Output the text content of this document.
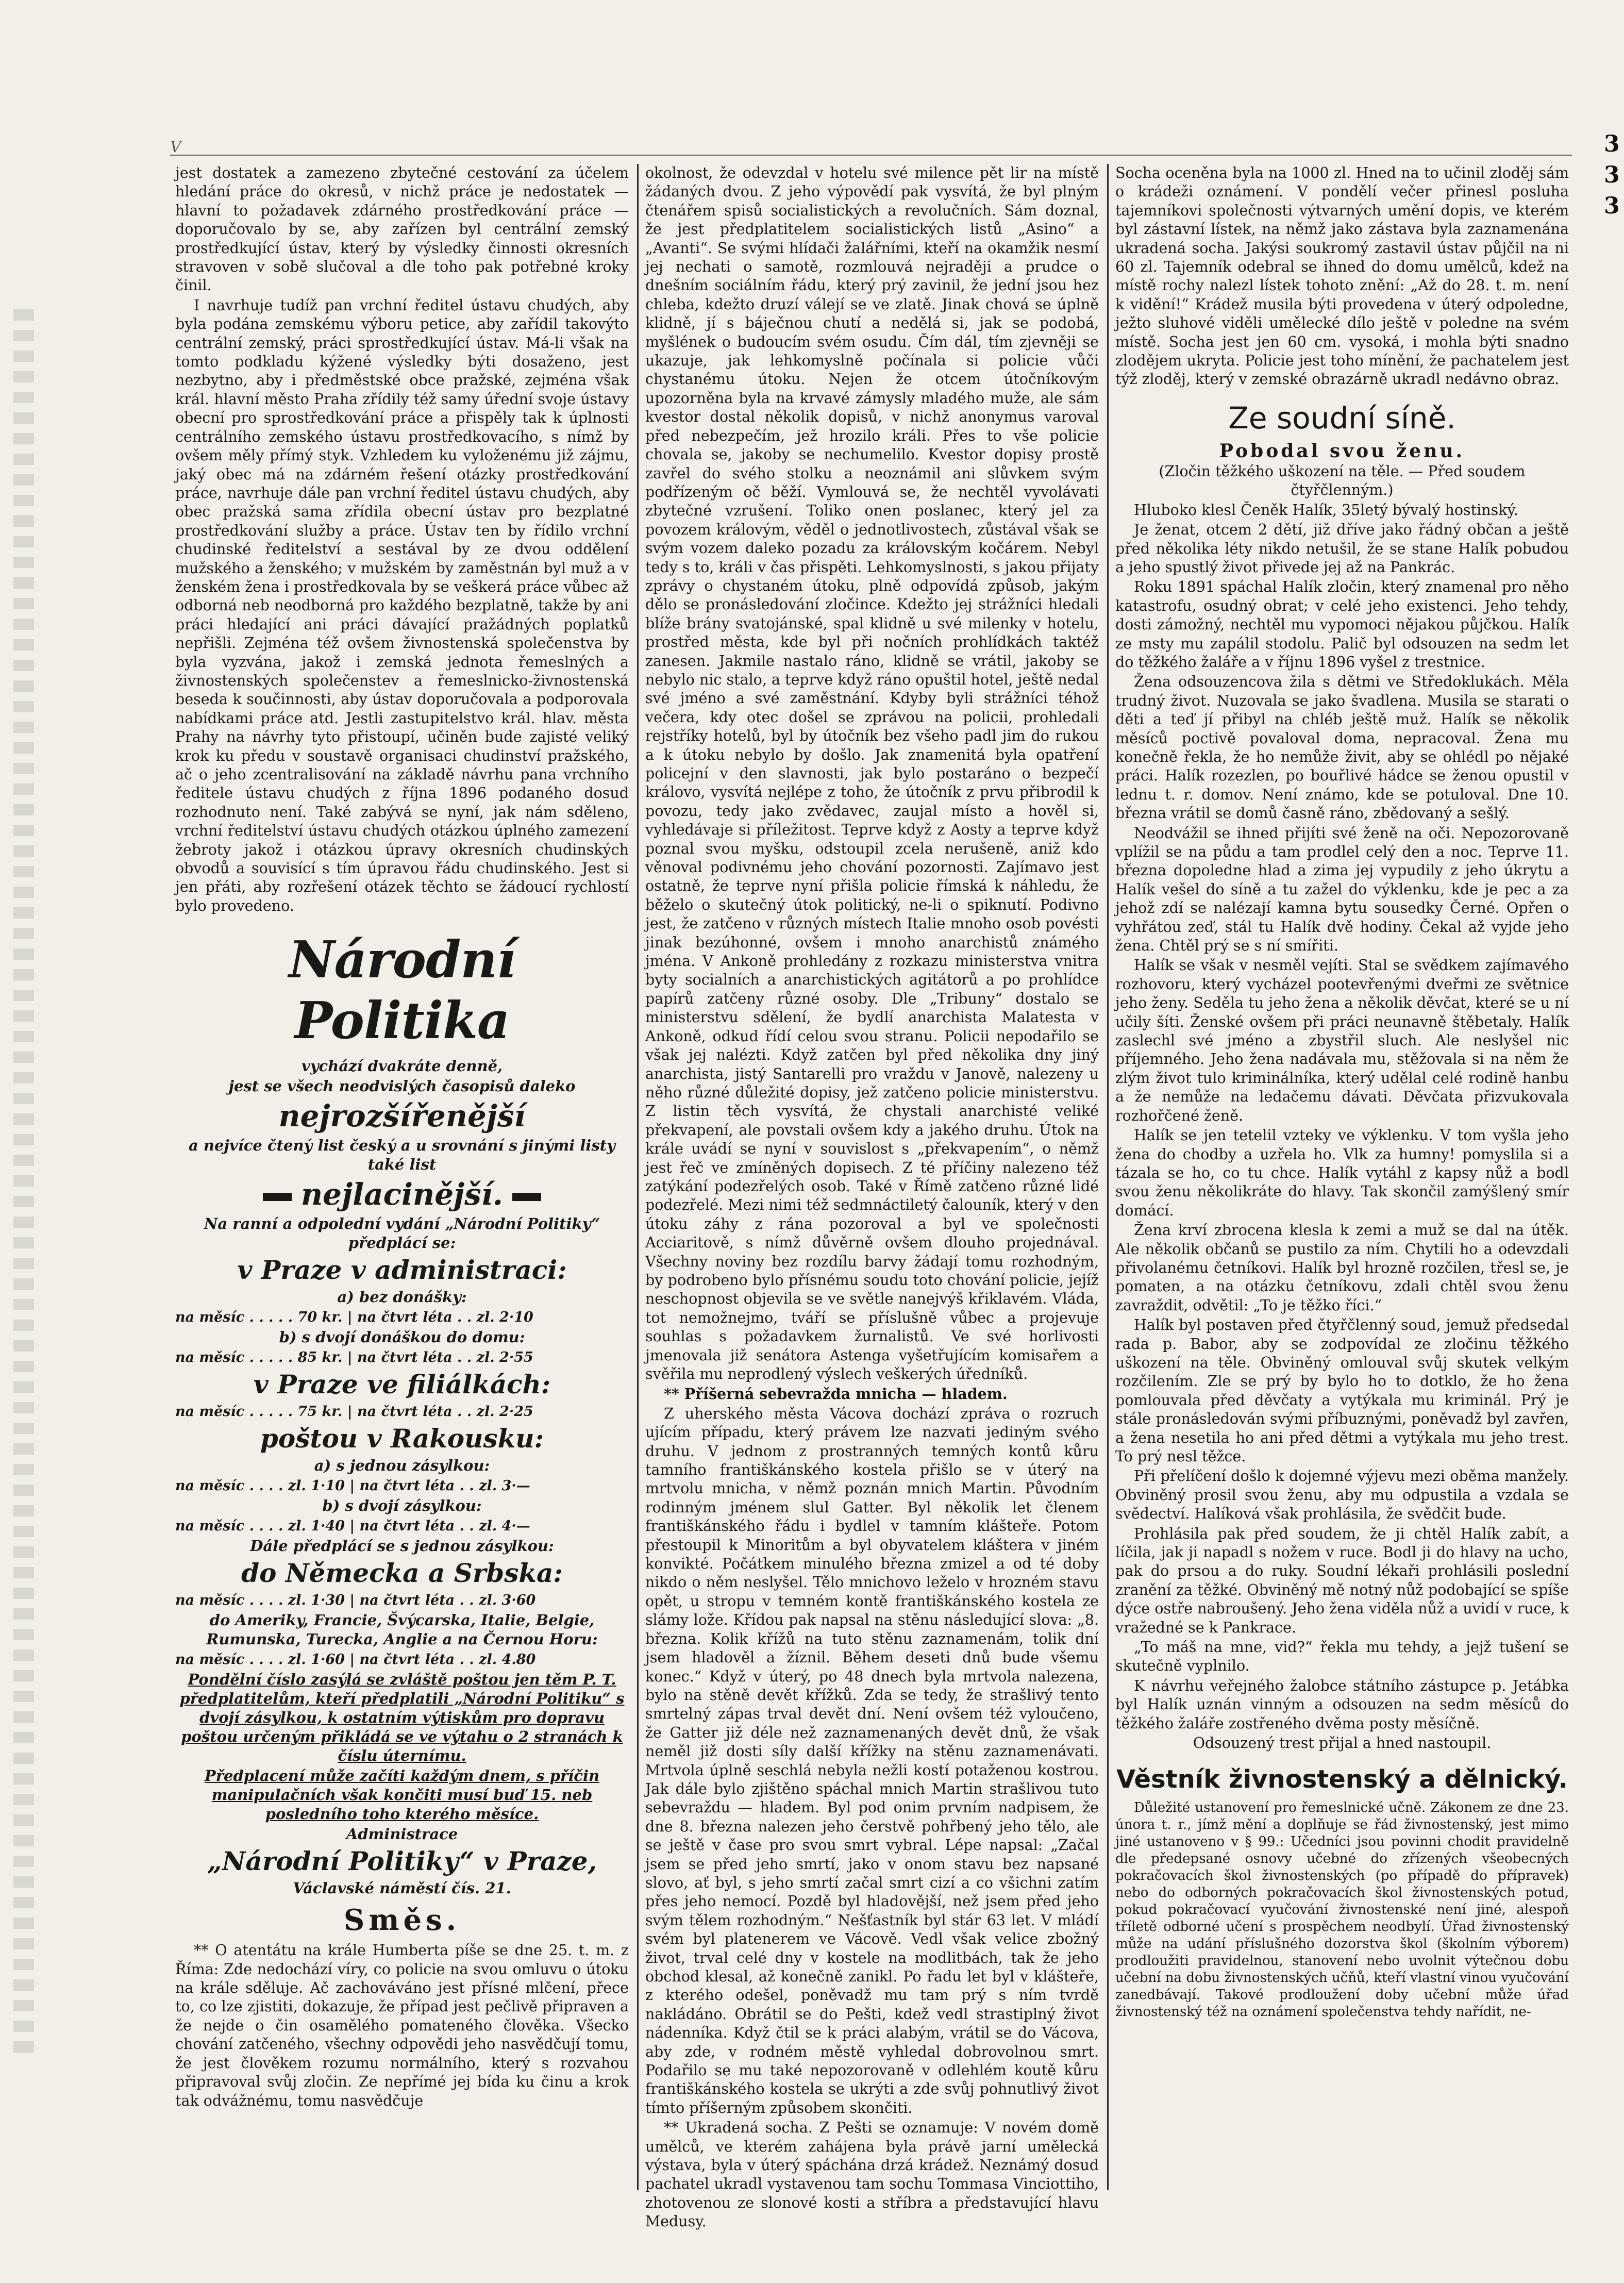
V	3
3
3

jest dostatek a zamezeno zbytečné cestování za účelem hledání práce do okresů, v nichž práce je nedostatek — hlavní to požadavek zdárného prostředkování práce — doporučovalo by se, aby zařízen byl centrální zemský prostředkující ústav, který by výsledky činnosti okresních stravoven v sobě slučoval a dle toho pak potřebné kroky činil.

I navrhuje tudíž pan vrchní ředitel ústavu chudých, aby byla podána zemskému výboru petice, aby zařídil takovýto centrální zemský, práci sprostředkující ústav. Má-li však na tomto podkladu kýžené výsledky býti dosaženo, jest nezbytno, aby i předměstské obce pražské, zejména však král. hlavní město Praha zřídily též samy úřední svoje ústavy obecní pro sprostředkování práce a přispěly tak k úplnosti centrálního zemského ústavu prostředkovacího, s nímž by ovšem měly přímý styk. Vzhledem ku vyloženému již zájmu, jaký obec má na zdárném řešení otázky prostředkování práce, navrhuje dále pan vrchní ředitel ústavu chudých, aby obec pražská sama zřídila obecní ústav pro bezplatné prostředkování služby a práce. Ústav ten by řídilo vrchní chudinské ředitelství a sestával by ze dvou oddělení mužského a ženského; v mužském by zaměstnán byl muž a v ženském žena i prostředkovala by se veškerá práce vůbec až odborná neb neodborná pro každého bezplatně, takže by ani práci hledající ani práci dávající pražádných poplatků nepřišli. Zejména též ovšem živnostenská společenstva by byla vyzvána, jakož i zemská jednota řemeslných a živnostenských společenstev a řemeslnicko-živnostenská beseda k součinnosti, aby ústav doporučovala a podporovala nabídkami práce atd. Jestli zastupitelstvo král. hlav. města Prahy na návrhy tyto přistoupí, učiněn bude zajisté veliký krok ku předu v soustavě organisaci chudinství pražského, ač o jeho zcentralisování na základě návrhu pana vrchního ředitele ústavu chudých z října 1896 podaného dosud rozhodnuto není. Také zabývá se nyní, jak nám sděleno, vrchní ředitelství ústavu chudých otázkou úplného zamezení žebroty jakož i otázkou úpravy okresních chudinských obvodů a souvisící s tím úpravou řádu chudinského. Jest si jen přáti, aby rozřešení otázek těchto se žádoucí rychlostí bylo provedeno.

Národní Politika

vychází dvakráte denně,

jest se všech neodvislých časopisů daleko

nejrozšířenější

a nejvíce čtený list český a u srovnání s jinými listy také list

nejlacinější.

Na ranní a odpolední vydání „Národní Politiky“ předplácí se:

v Praze v administraci:

a) bez donášky:

na měsíc . . . . . 70 kr. | na čtvrt léta . . zl. 2·10

b) s dvojí donáškou do domu:

na měsíc . . . . . 85 kr. | na čtvrt léta . . zl. 2·55

v Praze ve filiálkách:

na měsíc . . . . . 75 kr. | na čtvrt léta . . zl. 2·25

poštou v Rakousku:

a) s jednou zásylkou:

na měsíc . . . . zl. 1·10 | na čtvrt léta . . zl. 3·—

b) s dvojí zásylkou:

na měsíc . . . . zl. 1·40 | na čtvrt léta . . zl. 4·—

Dále předplácí se s jednou zásylkou:

do Německa a Srbska:

na měsíc . . . . zl. 1·30 | na čtvrt léta . . zl. 3·60

do Ameriky, Francie, Švýcarska, Italie, Belgie, Rumunska, Turecka, Anglie a na Černou Horu:

na měsíc . . . . zl. 1·60 | na čtvrt léta . . zl. 4.80

Pondělní číslo zasýlá se zvláště poštou jen těm P. T. předplatitelům, kteří předplatili „Národní Politiku“ s dvojí zásylkou, k ostatním výtiskům pro dopravu poštou určeným přikládá se ve výtahu o 2 stranách k číslu úternímu.

Předplacení může začíti každým dnem, s příčin manipulačních však končiti musí buď 15. neb posledního toho kterého měsíce.

Administrace

„Národní Politiky“ v Praze,

Václavské náměstí čís. 21.

Směs.

** O atentátu na krále Humberta píše se dne 25. t. m. z Říma: Zde nedochází víry, co policie na svou omluvu o útoku na krále sděluje. Ač zachováváno jest přísné mlčení, přece to, co lze zjistiti, dokazuje, že případ jest pečlivě připraven a že nejde o čin osamělého pomateného člověka. Všecko chování zatčeného, všechny odpovědi jeho nasvědčují tomu, že jest člověkem rozumu normálního, který s rozvahou připravoval svůj zločin. Ze nepřímé jej bída ku činu a krok tak odvážnému, tomu nasvědčuje

okolnost, že odevzdal v hotelu své milence pět lir na místě žádaných dvou. Z jeho výpovědí pak vysvítá, že byl plným čtenářem spisů socialistických a revolučních. Sám doznal, že jest předplatitelem socialistických listů „Asino“ a „Avanti“. Se svými hlídači žalářními, kteří na okamžik nesmí jej nechati o samotě, rozmlouvá nejraději a prudce o dnešním sociálním řádu, který prý zavinil, že jední jsou hez chleba, kdežto druzí válejí se ve zlatě. Jinak chová se úplně klidně, jí s báječnou chutí a nedělá si, jak se podobá, myšlének o budoucím svém osudu. Čím dál, tím zjevněji se ukazuje, jak lehkomyslně počínala si policie vůči chystanému útoku. Nejen že otcem útočníkovým upozorněna byla na krvavé zámysly mladého muže, ale sám kvestor dostal několik dopisů, v nichž anonymus varoval před nebezpečím, jež hrozilo králi. Přes to vše policie chovala se, jakoby se nechumelilo. Kvestor dopisy prostě zavřel do svého stolku a neoznámil ani slůvkem svým podřízeným oč běží. Vymlouvá se, že nechtěl vyvolávati zbytečné vzrušení. Toliko onen poslanec, který jel za povozem královým, věděl o jednotlivostech, zůstával však se svým vozem daleko pozadu za královským kočárem. Nebyl tedy s to, králi v čas přispěti. Lehkomyslnosti, s jakou přijaty zprávy o chystaném útoku, plně odpovídá způsob, jakým dělo se pronásledování zločince. Kdežto jej strážníci hledali blíže brány svatojánské, spal klidně u své milenky v hotelu, prostřed města, kde byl při nočních prohlídkách taktéž zanesen. Jakmile nastalo ráno, klidně se vrátil, jakoby se nebylo nic stalo, a teprve když ráno opuštil hotel, ještě nedal své jméno a své zaměstnání. Kdyby byli strážníci téhož večera, kdy otec došel se zprávou na policii, prohledali rejstříky hotelů, byl by útočník bez všeho padl jim do rukou a k útoku nebylo by došlo. Jak znamenitá byla opatření policejní v den slavnosti, jak bylo postaráno o bezpečí královo, vysvítá nejlépe z toho, že útočník z prvu přibrodil k povozu, tedy jako zvědavec, zaujal místo a hověl si, vyhledávaje si příležitost. Teprve když z Aosty a teprve když poznal svou myšku, odstoupil zcela nerušeně, aniž kdo věnoval podivnému jeho chování pozornosti. Zajímavo jest ostatně, že teprve nyní přišla policie římská k náhledu, že běželo o skutečný útok politický, ne-li o spiknutí. Podivno jest, že zatčeno v různých místech Italie mnoho osob povésti jinak bezúhonné, ovšem i mnoho anarchistů známého jména. V Ankoně prohledány z rozkazu ministerstva vnitra byty socialních a anarchistických agitátorů a po prohlídce papírů zatčeny různé osoby. Dle „Tribuny“ dostalo se ministerstvu sdělení, že bydlí anarchista Malatesta v Ankoně, odkud řídí celou svou stranu. Policii nepodařilo se však jej nalézti. Když zatčen byl před několika dny jiný anarchista, jistý Santarelli pro vraždu v Janově, nalezeny u něho různé důležité dopisy, jež zatčeno policie ministerstvu. Z listin těch vysvítá, že chystali anarchisté veliké překvapení, ale povstali ovšem kdy a jakého druhu. Útok na krále uvádí se nyní v souvislost s „překvapením“, o němž jest řeč ve zmíněných dopisech. Z té příčiny nalezeno též zatýkání podezřelých osob. Také v Římě zatčeno různé lidé podezřelé. Mezi nimi též sedmnáctiletý čalouník, který v den útoku záhy z rána pozoroval a byl ve společnosti Acciaritově, s nímž důvěrně ovšem dlouho projednával. Všechny noviny bez rozdílu barvy žádají tomu rozhodným, by podrobeno bylo přísnému soudu toto chování policie, jejíž neschopnost objevila se ve světle nanejvýš křiklavém. Vláda, tot nemožnejmo, tváří se příslušně vůbec a projevuje souhlas s požadavkem žurnalistů. Ve své horlivosti jmenovala již senátora Astenga vyšetřujícím komisařem a svěřila mu neprodlený výslech veškerých úředníků.

** Příšerná sebevražda mnicha — hladem.

Z uherského města Vácova dochází zpráva o rozruch ujícím případu, který právem lze nazvati jediným svého druhu. V jednom z prostranných temných kontů kůru tamního františkánského kostela přišlo se v úterý na mrtvolu mnicha, v němž poznán mnich Martin. Původním rodinným jménem slul Gatter. Byl několik let členem františkánského řádu i bydlel v tamním klášteře. Potom přestoupil k Minoritům a byl obyvatelem kláštera v jiném konvikté. Počátkem minulého března zmizel a od té doby nikdo o něm neslyšel. Tělo mnichovo leželo v hrozném stavu opět, u stropu v temném kontě františkánského kostela ze slámy lože. Křídou pak napsal na stěnu následující slova: „8. března. Kolik křížů na tuto stěnu zaznamenám, tolik dní jsem hladověl a žíznil. Během deseti dnů bude všemu konec.“ Když v úterý, po 48 dnech byla mrtvola nalezena, bylo na stěně devět křížků. Zda se tedy, že strašlivý tento smrtelný zápas trval devět dní. Není ovšem též vyloučeno, že Gatter již déle než zaznamenaných devět dnů, že však neměl již dosti síly další křížky na stěnu zaznamenávati. Mrtvola úplně seschlá nebyla nežli kostí potaženou kostrou. Jak dále bylo zjištěno spáchal mnich Martin strašlivou tuto sebevraždu — hladem. Byl pod onim prvním nadpisem, že dne 8. března nalezen jeho čerstvě pohřbený jeho tělo, ale se ještě v čase pro svou smrt vybral. Lépe napsal: „Začal jsem se před jeho smrtí, jako v onom stavu bez napsané slovo, ať byl, s jeho smrtí začal smrt cizí a co všichni zatím přes jeho nemocí. Pozdě byl hladovější, než jsem před jeho svým tělem rozhodným.“ Nešťastník byl stár 63 let. V mládí svém byl platenerem ve Vácově. Vedl však velice zbožný život, trval celé dny v kostele na modlitbách, tak že jeho obchod klesal, až konečně zanikl. Po řadu let byl v klášteře, z kterého odešel, poněvadž mu tam prý s ním tvrdě nakládáno. Obrátil se do Pešti, kdež vedl strastiplný život nádenníka. Když čtil se k práci alabým, vrátil se do Vácova, aby zde, v rodném městě vyhledal dobrovolnou smrt. Podařilo se mu také nepozorovaně v odlehlém koutě kůru františkánského kostela se ukrýti a zde svůj pohnutlivý život tímto příšerným způsobem skončiti.

** Ukradená socha. Z Pešti se oznamuje: V novém domě umělců, ve kterém zahájena byla právě jarní umělecká výstava, byla v úterý spáchána drzá krádež. Neznámý dosud pachatel ukradl vystavenou tam sochu Tommasa Vinciottiho, zhotovenou ze slonové kosti a stříbra a představující hlavu Medusy.

Socha oceněna byla na 1000 zl. Hned na to učinil zloděj sám o krádeži oznámení. V pondělí večer přinesl posluha tajemníkovi společnosti výtvarných umění dopis, ve kterém byl zástavní lístek, na němž jako zástava byla zaznamenána ukradená socha. Jakýsi soukromý zastavil ústav půjčil na ni 60 zl. Tajemník odebral se ihned do domu umělců, kdež na místě rochy nalezl lístek tohoto znění: „Až do 28. t. m. není k vidění!“ Krádež musila býti provedena v úterý odpoledne, ježto sluhové viděli umělecké dílo ještě v poledne na svém místě. Socha jest jen 60 cm. vysoká, i mohla býti snadno zlodějem ukryta. Policie jest toho mínění, že pachatelem jest týž zloděj, který v zemské obrazárně ukradl nedávno obraz.

Ze soudní síně.
Pobodal svou ženu.

(Zločin těžkého uškození na těle. — Před soudem čtyřčlenným.)

Hluboko klesl Čeněk Halík, 35letý bývalý hostinský.

Je ženat, otcem 2 dětí, již dříve jako řádný občan a ještě před několika léty nikdo netušil, že se stane Halík pobudou a jeho spustlý život přivede jej až na Pankrác.

Roku 1891 spáchal Halík zločin, který znamenal pro něho katastrofu, osudný obrat; v celé jeho existenci. Jeho tehdy, dosti zámožný, nechtěl mu vypomoci nějakou půjčkou. Halík ze msty mu zapálil stodolu. Palič byl odsouzen na sedm let do těžkého žaláře a v říjnu 1896 vyšel z trestnice.

Žena odsouzencova žila s dětmi ve Středoklukách. Měla trudný život. Nuzovala se jako švadlena. Musila se starati o děti a teď jí přibyl na chléb ještě muž. Halík se několik měsíců poctivě povaloval doma, nepracoval. Žena mu konečně řekla, že ho nemůže živit, aby se ohlédl po nějaké práci. Halík rozezlen, po bouřlivé hádce se ženou opustil v lednu t. r. domov. Není známo, kde se potuloval. Dne 10. března vrátil se domů časně ráno, zbědovaný a sešlý.

Neodvážil se ihned přijíti své ženě na oči. Nepozorovaně vplížil se na půdu a tam prodlel celý den a noc. Teprve 11. března dopoledne hlad a zima jej vypudily z jeho úkrytu a Halík vešel do síně a tu zažel do výklenku, kde je pec a za jehož zdí se nalézají kamna bytu sousedky Černé. Opřen o vyhřátou zeď, stál tu Halík dvě hodiny. Čekal až vyjde jeho žena. Chtěl prý se s ní smířiti.

Halík se však v nesměl vejíti. Stal se svědkem zajímavého rozhovoru, který vycházel pootevřenými dveřmi ze světnice jeho ženy. Seděla tu jeho žena a několik děvčat, které se u ní učily šíti. Ženské ovšem při práci neunavně štěbetaly. Halík zaslechl své jméno a zbystřil sluch. Ale neslyšel nic příjemného. Jeho žena nadávala mu, stěžovala si na něm že zlým život tulo kriminálníka, který udělal celé rodině hanbu a že nemůže na ledačemu dávati. Děvčata přizvukovala rozhořčené ženě.

Halík se jen tetelil vzteky ve výklenku. V tom vyšla jeho žena do chodby a uzřela ho. Vlk za humny! pomyslila si a tázala se ho, co tu chce. Halík vytáhl z kapsy nůž a bodl svou ženu několikráte do hlavy. Tak skončil zamýšlený smír domácí.

Žena krví zbrocena klesla k zemi a muž se dal na útěk. Ale několik občanů se pustilo za ním. Chytili ho a odevzdali přivolanému četníkovi. Halík byl hrozně rozčilen, třesl se, je pomaten, a na otázku četníkovu, zdali chtěl svou ženu zavraždit, odvětil: „To je těžko říci.“

Halík byl postaven před čtyřčlenný soud, jemuž předsedal rada p. Babor, aby se zodpovídal ze zločinu těžkého uškození na těle. Obviněný omlouval svůj skutek velkým rozčilením. Zle se prý by bylo ho to dotklo, že ho žena pomlouvala před děvčaty a vytýkala mu kriminál. Prý je stále pronásledován svými příbuznými, poněvadž byl zavřen, a žena nesetila ho ani před dětmi a vytýkala mu jeho trest. To prý nesl těžce.

Při přelíčení došlo k dojemné výjevu mezi oběma manžely. Obviněný prosil svou ženu, aby mu odpustila a vzdala se svědectví. Halíková však prohlásila, že svědčit bude.

Prohlásila pak před soudem, že ji chtěl Halík zabít, a líčila, jak ji napadl s nožem v ruce. Bodl ji do hlavy na ucho, pak do prsou a do ruky. Soudní lékaři prohlásili poslední zranění za těžké. Obviněný mě notný nůž podobající se spíše dýce ostře nabroušený. Jeho žena viděla nůž a uvidí v ruce, k vražedné se k Pankrace.

„To máš na mne, vid?“ řekla mu tehdy, a jejž tušení se skutečně vyplnilo.

K návrhu veřejného žalobce státního zástupce p. Jetábka byl Halík uznán vinným a odsouzen na sedm měsíců do těžkého žaláře zostřeného dvěma posty měsíčně.

Odsouzený trest přijal a hned nastoupil.

Věstník živnostenský a dělnický.

Důležité ustanovení pro řemeslnické učně. Zákonem ze dne 23. února t. r., jímž mění a doplňuje se řád živnostenský, jest mimo jiné ustanoveno v § 99.: Učedníci jsou povinni chodit pravidelně dle předepsané osnovy učebné do zřízených všeobecných pokračovacích škol živnostenských (po případě do přípravek) nebo do odborných pokračovacích škol živnostenských potud, pokud pokračovací vyučování živnostenské není jiné, alespoň tříletě odborné učení s prospěchem neodbylí. Úřad živnostenský může na udání příslušného dozorstva škol (školním výborem) prodloužiti pravidelnou, stanovení nebo uvolnit výtečnou dobu učební na dobu živnostenských učňů, kteří vlastní vinou vyučování zanedbávají. Takové prodloužení doby učební může úřad živnostenský též na oznámení společenstva tehdy nařídit, ne-
